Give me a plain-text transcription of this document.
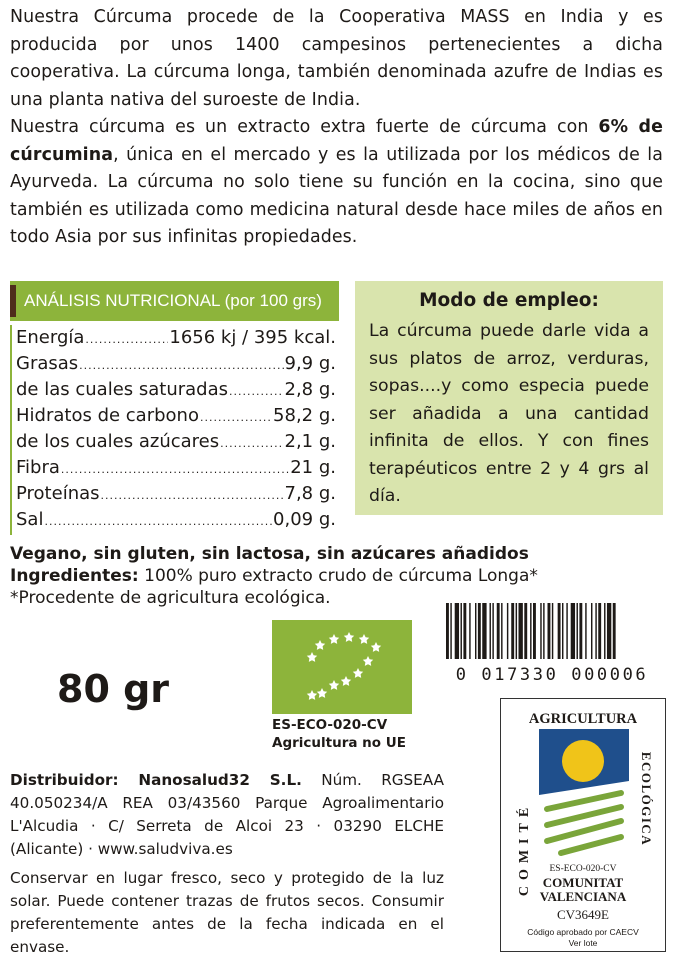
Nuestra Cúrcuma procede de la Cooperativa MASS en India y es producida por unos 1400 campesinos pertenecientes a dicha cooperativa. La cúrcuma longa, también denominada azufre de Indias es una planta nativa del suroeste de India.
Nuestra cúrcuma es un extracto extra fuerte de cúrcuma con 6% de cúrcumina, única en el mercado y es la utilizada por los médicos de la Ayurveda. La cúrcuma no solo tiene su función en la cocina, sino que también es utilizada como medicina natural desde hace miles de años en todo Asia por sus infinitas propiedades.
ANÁLISIS NUTRICIONAL (por 100 grs)
Energía .....	1656 kj / 395 kcal.
Grasas .....	9,9 g.
de las cuales saturadas .....	2,8 g.
Hidratos de carbono .....	58,2 g.
de los cuales azúcares .....	2,1 g.
Fibra .....	21 g.
Proteínas .....	7,8 g.
Sal .....	0,09 g.
Modo de empleo:
La cúrcuma puede darle vida a sus platos de arroz, verduras, sopas....y como especia puede ser añadida a una cantidad infinita de ellos. Y con fines terapéuticos entre 2 y 4 grs al día.
Vegano, sin gluten, sin lactosa, sin azúcares añadidos
Ingredientes: 100% puro extracto crudo de cúrcuma Longa*
*Procedente de agricultura ecológica.
80 gr
ES-ECO-020-CV
Agricultura no UE
0 017330 000006
AGRICULTURA
COMITÉ
ECOLÓGICA
ES-ECO-020-CV
COMUNITAT
VALENCIANA
CV3649E
Código aprobado por CAECV
Ver lote
Distribuidor: Nanosalud32 S.L. Núm. RGSEAA 40.050234/A REA 03/43560 Parque Agroalimentario L'Alcudia · C/ Serreta de Alcoi 23 · 03290 ELCHE (Alicante) · www.saludviva.es
Conservar en lugar fresco, seco y protegido de la luz solar. Puede contener trazas de frutos secos. Consumir preferentemente antes de la fecha indicada en el envase.
